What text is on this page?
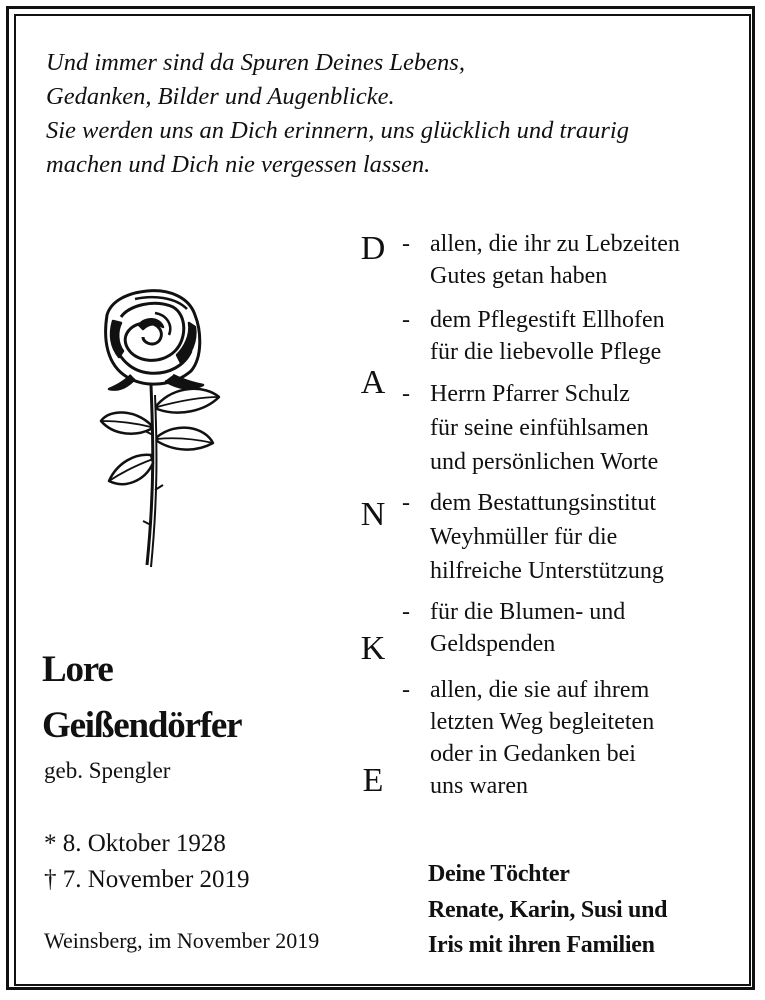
Und immer sind da Spuren Deines Lebens,
Gedanken, Bilder und Augenblicke.
Sie werden uns an Dich erinnern, uns glücklich und traurig
machen und Dich nie vergessen lassen.
Lore
Geißendörfer
geb. Spengler
* 8. Oktober 1928
† 7. November 2019
Weinsberg, im November 2019
D
A
N
K
E
- allen, die ihr zu Lebzeiten
Gutes getan haben
- dem Pflegestift Ellhofen
für die liebevolle Pflege
- Herrn Pfarrer Schulz
für seine einfühlsamen
und persönlichen Worte
- dem Bestattungsinstitut
Weyhmüller für die
hilfreiche Unterstützung
- für die Blumen- und
Geldspenden
- allen, die sie auf ihrem
letzten Weg begleiteten
oder in Gedanken bei
uns waren
Deine Töchter
Renate, Karin, Susi und
Iris mit ihren Familien
